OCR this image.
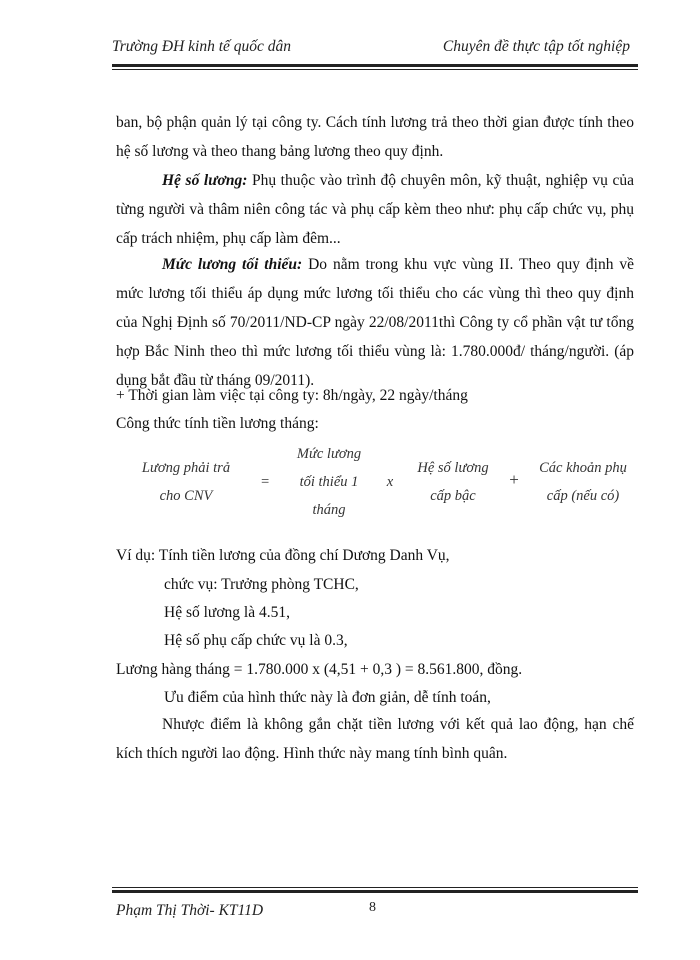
Trường ĐH kinh tế quốc dân	Chuyên đề thực tập tốt nghiệp
ban, bộ phận quản lý tại công ty. Cách tính lương trả theo thời gian được tính theo hệ số lương và theo thang bảng lương theo quy định.
Hệ số lương: Phụ thuộc vào trình độ chuyên môn, kỹ thuật, nghiệp vụ của từng người và thâm niên công tác và phụ cấp kèm theo như: phụ cấp chức vụ, phụ cấp trách nhiệm, phụ cấp làm đêm...
Mức lương tối thiểu: Do nằm trong khu vực vùng II. Theo quy định về mức lương tối thiểu áp dụng mức lương tối thiểu cho các vùng thì theo quy định của Nghị Định số 70/2011/ND-CP ngày 22/08/2011thì Công ty cổ phần vật tư tổng hợp Bắc Ninh theo thì mức lương tối thiểu vùng là: 1.780.000đ/ tháng/người. (áp dụng bắt đầu từ tháng 09/2011).
+ Thời gian làm việc tại công ty: 8h/ngày, 22 ngày/tháng
Công thức tính tiền lương tháng:
Lương phải trả
cho CNV
=
Mức lương
tối thiểu 1
tháng
x
Hệ số lương
cấp bậc
+
Các khoản phụ
cấp (nếu có)
Ví dụ: Tính tiền lương của đồng chí Dương Danh Vụ,
chức vụ: Trưởng phòng TCHC,
Hệ số lương là 4.51,
Hệ số phụ cấp chức vụ là 0.3,
Lương hàng tháng = 1.780.000 x (4,51 + 0,3 ) = 8.561.800, đồng.
Ưu điểm của hình thức này là đơn giản, dễ tính toán,
Nhược điểm là không gắn chặt tiền lương với kết quả lao động, hạn chế kích thích người lao động. Hình thức này mang tính bình quân.
Phạm Thị Thời- KT11D	8
